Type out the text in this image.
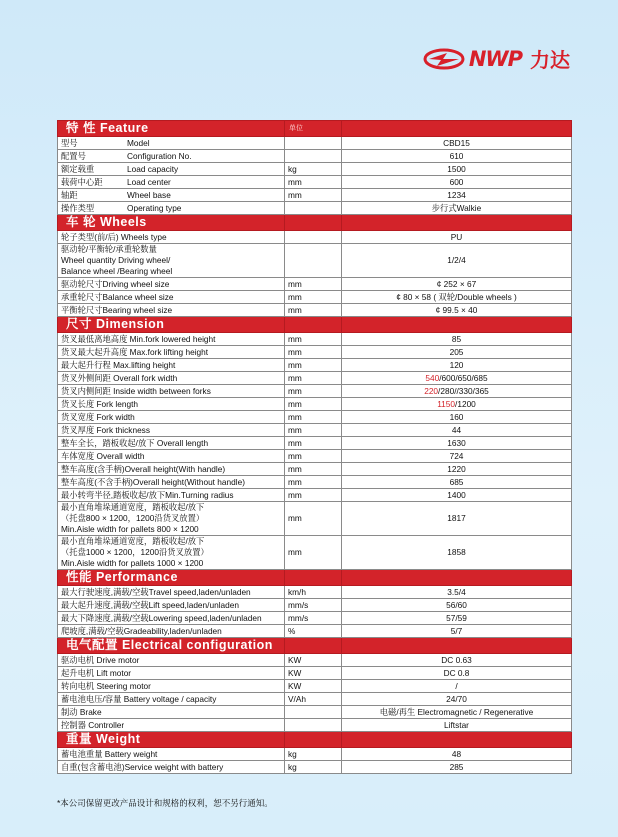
NWP 力达
特 性 Feature	单位	
型号 Model		CBD15
配置号 Configuration No.		610
额定载重 Load capacity	kg	1500
载荷中心距 Load center	mm	600
轴距 Wheel base	mm	1234
操作类型 Operating type		步行式Walkie
车 轮 Wheels		
轮子类型(前/后) Wheels type		PU

驱动轮/平衡轮/承重轮数量
Wheel quantity Driving wheel/
Balance wheel /Bearing wheel		1/2/4
驱动轮尺寸Driving wheel size	mm	¢ 252 × 67
承重轮尺寸Balance wheel size	mm	¢ 80 × 58 ( 双轮/Double wheels )
平衡轮尺寸Bearing wheel size	mm	¢ 99.5 × 40
尺寸 Dimension		
货叉最低离地高度 Min.fork lowered height	mm	85
货叉最大起升高度 Max.fork lifting height	mm	205
最大起升行程 Max.lifting height	mm	120
货叉外侧间距 Overall fork width	mm	540/600/650/685
货叉内侧间距 Inside width between forks	mm	220/280//330/365
货叉长度 Fork length	mm	1150/1200
货叉宽度 Fork width	mm	160
货叉厚度 Fork thickness	mm	44
整车全长，踏板收起/放下 Overall length	mm	1630
车体宽度 Overall width	mm	724
整车高度(含手柄)Overall height(With handle)	mm	1220
整车高度(不含手柄)Overall height(Without handle)	mm	685
最小转弯半径,踏板收起/放下Min.Turning radius	mm	1400

最小直角堆垛通道宽度，踏板收起/放下
（托盘800 × 1200，1200沿货叉放置）
Min.Aisle width for pallets 800 × 1200	mm	1817

最小直角堆垛通道宽度，踏板收起/放下
（托盘1000 × 1200，1200沿货叉放置）
Min.Aisle width for pallets 1000 × 1200	mm	1858
性能 Performance		
最大行驶速度,满载/空载Travel speed,laden/unladen	km/h	3.5/4
最大起升速度,满载/空载Lift speed,laden/unladen	mm/s	56/60
最大下降速度,满载/空载Lowering speed,laden/unladen	mm/s	57/59
爬坡度,满载/空载Gradeability,laden/unladen	%	5/7
电气配置 Electrical configuration		
驱动电机 Drive motor	KW	DC 0.63
起升电机 Lift motor	KW	DC 0.8
转向电机 Steering motor	KW	/
蓄电池电压/容量 Battery voltage / capacity	V/Ah	24/70
制动 Brake		电磁/再生 Electromagnetic / Regenerative
控制器 Controller		Liftstar
重量 Weight		
蓄电池重量 Battery weight	kg	48
自重(包含蓄电池)Service weight with battery	kg	285
*本公司保留更改产品设计和规格的权利，恕不另行通知。
